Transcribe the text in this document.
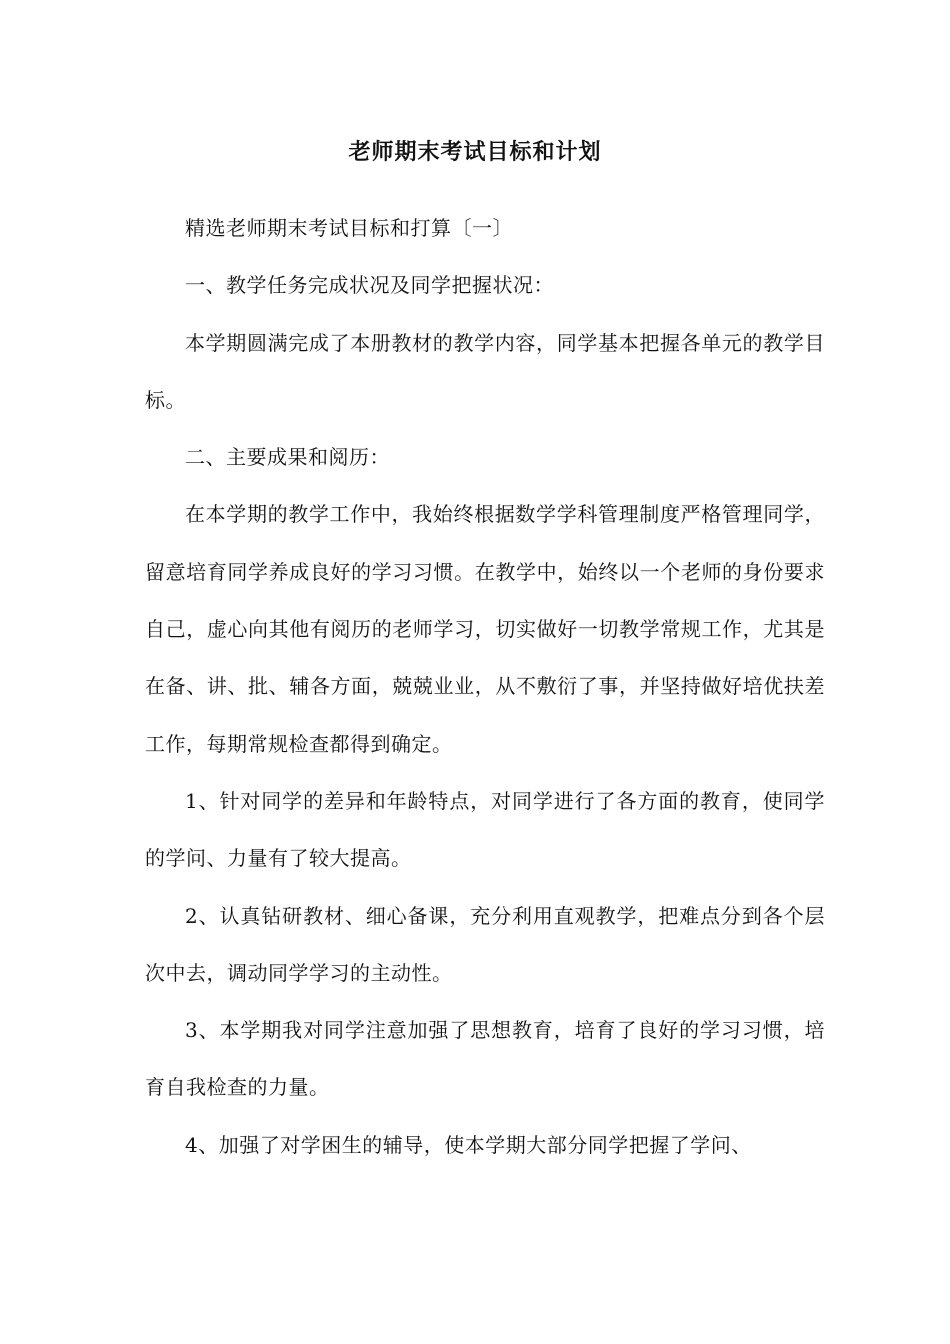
老师期末考试目标和计划

精选老师期末考试目标和打算〔一〕

一、教学任务完成状况及同学把握状况：

本学期圆满完成了本册教材的教学内容，同学基本把握各单元的教学目标。

二、主要成果和阅历：

在本学期的教学工作中，我始终根据数学学科管理制度严格管理同学，留意培育同学养成良好的学习习惯。在教学中，始终以一个老师的身份要求自己，虚心向其他有阅历的老师学习，切实做好一切教学常规工作，尤其是在备、讲、批、辅各方面，兢兢业业，从不敷衍了事，并坚持做好培优扶差工作，每期常规检查都得到确定。

1、针对同学的差异和年龄特点，对同学进行了各方面的教育，使同学的学问、力量有了较大提高。

2、认真钻研教材、细心备课，充分利用直观教学，把难点分到各个层次中去，调动同学学习的主动性。

3、本学期我对同学注意加强了思想教育，培育了良好的学习习惯，培育自我检查的力量。

4、加强了对学困生的辅导，使本学期大部分同学把握了学问、
